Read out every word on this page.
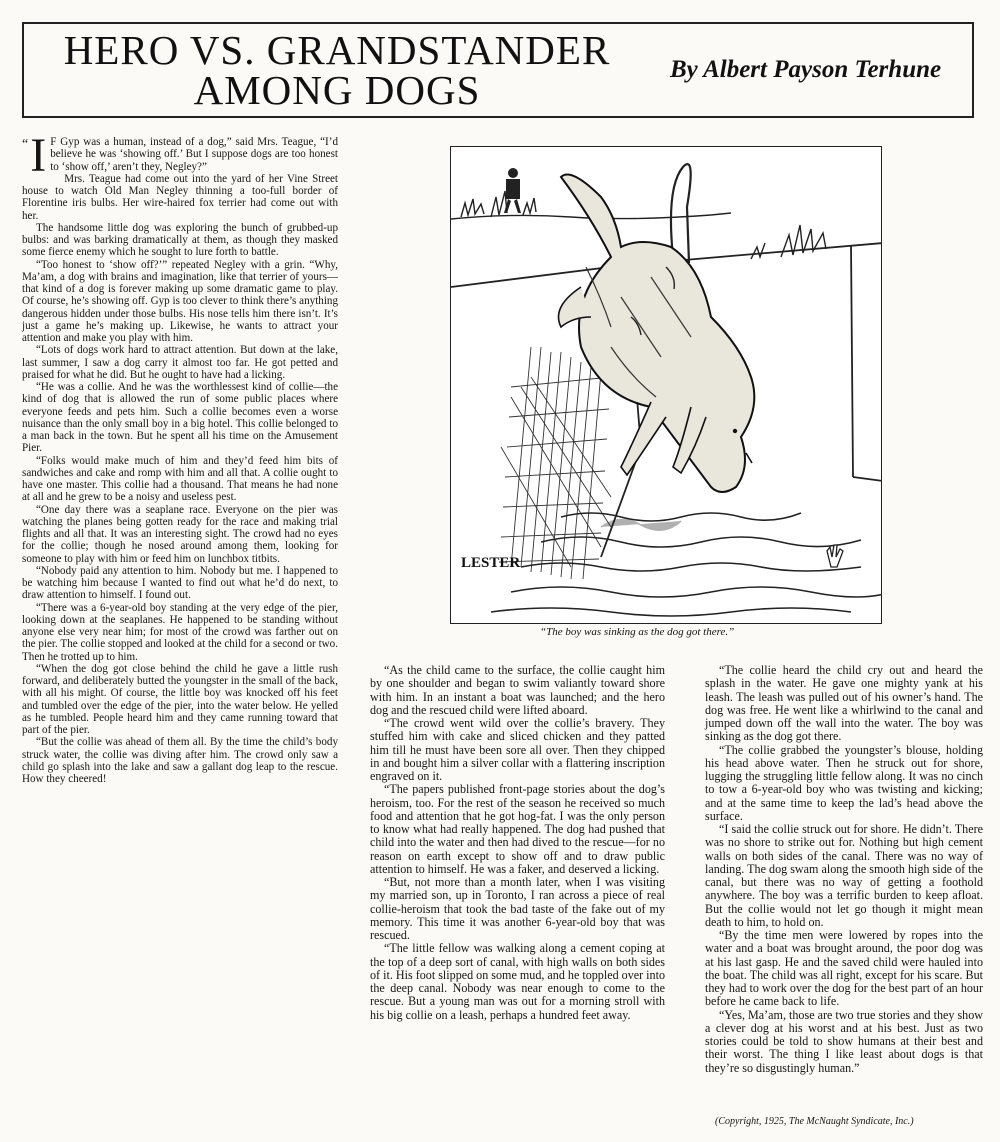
HERO VS. GRANDSTANDER
AMONG DOGS	By Albert Payson Terhune

“ I F Gyp was a human, instead of a dog,” said Mrs. Teague, “I’d believe he was ‘showing off.’ But I suppose dogs are too honest to ‘show off,’ aren’t they, Negley?”

Mrs. Teague had come out into the yard of her Vine Street house to watch Old Man Negley thinning a too-full border of Florentine iris bulbs. Her wire-haired fox terrier had come out with her.

The handsome little dog was exploring the bunch of grubbed-up bulbs: and was barking dramatically at them, as though they masked some fierce enemy which he sought to lure forth to battle.

“Too honest to ‘show off?’” repeated Negley with a grin. “Why, Ma’am, a dog with brains and imagination, like that terrier of yours—that kind of a dog is forever making up some dramatic game to play. Of course, he’s showing off. Gyp is too clever to think there’s anything dangerous hidden under those bulbs. His nose tells him there isn’t. It’s just a game he’s making up. Likewise, he wants to attract your attention and make you play with him.

“Lots of dogs work hard to attract attention. But down at the lake, last summer, I saw a dog carry it almost too far. He got petted and praised for what he did. But he ought to have had a licking.

“He was a collie. And he was the worthlessest kind of collie—the kind of dog that is allowed the run of some public places where everyone feeds and pets him. Such a collie becomes even a worse nuisance than the only small boy in a big hotel. This collie belonged to a man back in the town. But he spent all his time on the Amusement Pier.

“Folks would make much of him and they’d feed him bits of sandwiches and cake and romp with him and all that. A collie ought to have one master. This collie had a thousand. That means he had none at all and he grew to be a noisy and useless pest.

“One day there was a seaplane race. Everyone on the pier was watching the planes being gotten ready for the race and making trial flights and all that. It was an interesting sight. The crowd had no eyes for the collie; though he nosed around among them, looking for someone to play with him or feed him on lunchbox titbits.

“Nobody paid any attention to him. Nobody but me. I happened to be watching him because I wanted to find out what he’d do next, to draw attention to himself. I found out.

“There was a 6-year-old boy standing at the very edge of the pier, looking down at the seaplanes. He happened to be standing without anyone else very near him; for most of the crowd was farther out on the pier. The collie stopped and looked at the child for a second or two. Then he trotted up to him.

“When the dog got close behind the child he gave a little rush forward, and deliberately butted the youngster in the small of the back, with all his might. Of course, the little boy was knocked off his feet and tumbled over the edge of the pier, into the water below. He yelled as he tumbled. People heard him and they came running toward that part of the pier.

“But the collie was ahead of them all. By the time the child’s body struck water, the collie was diving after him. The crowd only saw a child go splash into the lake and saw a gallant dog leap to the rescue. How they cheered!

LESTER
“The boy was sinking as the dog got there.”

“As the child came to the surface, the collie caught him by one shoulder and began to swim valiantly toward shore with him. In an instant a boat was launched; and the hero dog and the rescued child were lifted aboard.

“The crowd went wild over the collie’s bravery. They stuffed him with cake and sliced chicken and they patted him till he must have been sore all over. Then they chipped in and bought him a silver collar with a flattering inscription engraved on it.

“The papers published front-page stories about the dog’s heroism, too. For the rest of the season he received so much food and attention that he got hog-fat. I was the only person to know what had really happened. The dog had pushed that child into the water and then had dived to the rescue—for no reason on earth except to show off and to draw public attention to himself. He was a faker, and deserved a licking.

“But, not more than a month later, when I was visiting my married son, up in Toronto, I ran across a piece of real collie-heroism that took the bad taste of the fake out of my memory. This time it was another 6-year-old boy that was rescued.

“The little fellow was walking along a cement coping at the top of a deep sort of canal, with high walls on both sides of it. His foot slipped on some mud, and he toppled over into the deep canal. Nobody was near enough to come to the rescue. But a young man was out for a morning stroll with his big collie on a leash, perhaps a hundred feet away.

“The collie heard the child cry out and heard the splash in the water. He gave one mighty yank at his leash. The leash was pulled out of his owner’s hand. The dog was free. He went like a whirlwind to the canal and jumped down off the wall into the water. The boy was sinking as the dog got there.

“The collie grabbed the youngster’s blouse, holding his head above water. Then he struck out for shore, lugging the struggling little fellow along. It was no cinch to tow a 6-year-old boy who was twisting and kicking; and at the same time to keep the lad’s head above the surface.

“I said the collie struck out for shore. He didn’t. There was no shore to strike out for. Nothing but high cement walls on both sides of the canal. There was no way of landing. The dog swam along the smooth high side of the canal, but there was no way of getting a foothold anywhere. The boy was a terrific burden to keep afloat. But the collie would not let go though it might mean death to him, to hold on.

“By the time men were lowered by ropes into the water and a boat was brought around, the poor dog was at his last gasp. He and the saved child were hauled into the boat. The child was all right, except for his scare. But they had to work over the dog for the best part of an hour before he came back to life.

“Yes, Ma’am, those are two true stories and they show a clever dog at his worst and at his best. Just as two stories could be told to show humans at their best and their worst. The thing I like least about dogs is that they’re so disgustingly human.”

(Copyright, 1925, The McNaught Syndicate, Inc.)
